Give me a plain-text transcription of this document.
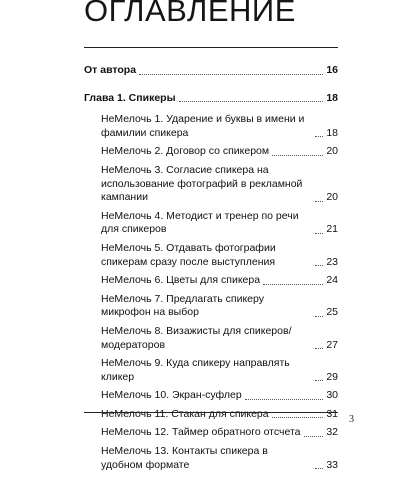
ОГЛАВЛЕНИЕ
От автора	16
Глава 1. Спикеры	18
НеМелочь 1. Ударение и буквы в имени и фамилии спикера	18
НеМелочь 2. Договор со спикером	20
НеМелочь 3. Согласие спикера на использование фотографий в рекламной кампании	20
НеМелочь 4. Методист и тренер по речи для спикеров	21
НеМелочь 5. Отдавать фотографии спикерам сразу после выступления	23
НеМелочь 6. Цветы для спикера	24
НеМелочь 7. Предлагать спикеру микрофон на выбор	25
НеМелочь 8. Визажисты для спикеров/модераторов	27
НеМелочь 9. Куда спикеру направлять кликер	29
НеМелочь 10. Экран-суфлер	30
НеМелочь 11. Стакан для спикера	31
НеМелочь 12. Таймер обратного отсчета 32
НеМелочь 13. Контакты спикера в удобном формате	33
3
